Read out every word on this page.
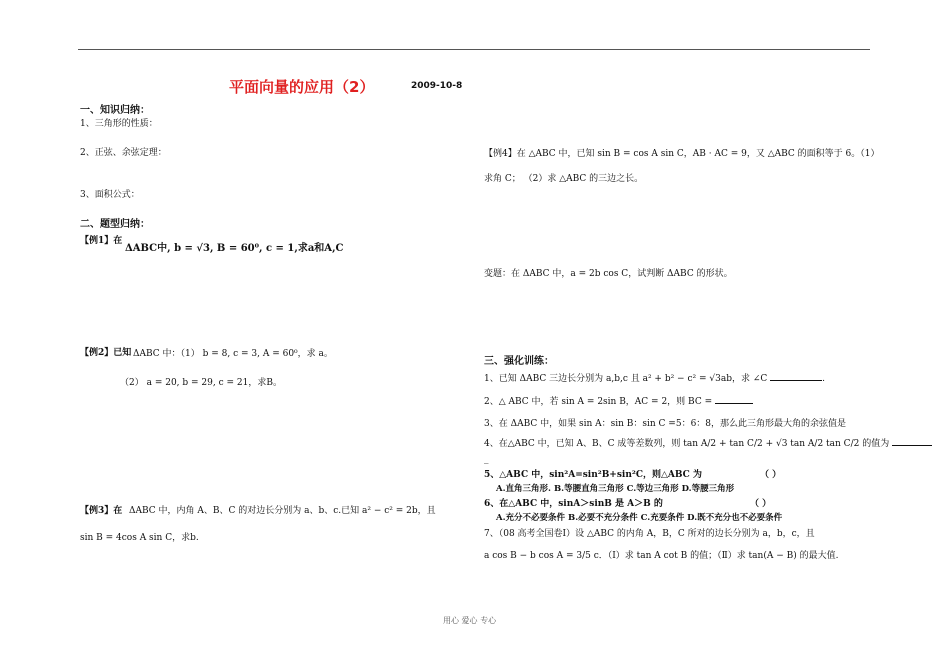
平面向量的应用（2）	2009-10-8
一、知识归纳：
1、三角形的性质：
2、正弦、余弦定理：
3、面积公式：
二、题型归纳：
【例1】在
ΔABC中, b = √3, B = 60⁰, c = 1,求a和A,C
【例2】已知 ΔABC 中：（1） b = 8, c = 3, A = 60⁰，求 a。
（2） a = 20, b = 29, c = 21，求B。
【例3】在 ΔABC 中，内角 A、B、C 的对边长分别为 a、b、c.已知 a² − c² = 2b，且
sin B = 4cos A sin C，求b.
【例4】在 △ABC 中，已知 sin B = cos A sin C，AB · AC = 9，又 △ABC 的面积等于 6。（1）
求角 C； （2）求 △ABC 的三边之长。
变题：在 ΔABC 中，a = 2b cos C，试判断 ΔABC 的形状。
三、强化训练：
1、已知 ΔABC 三边长分别为 a,b,c 且 a² + b² − c² = √3ab，求 ∠C	.
2、△ ABC 中，若 sin A = 2sin B，AC = 2，则 BC =
3、在 ΔABC 中，如果 sin A：sin B：sin C =5：6：8，那么此三角形最大角的余弦值是
4、在△ABC 中，已知 A、B、C 成等差数列，则 tan A/2 + tan C/2 + √3 tan A/2 tan C/2 的值为
_
5、△ABC 中，sin²A=sin²B+sin²C，则△ABC 为	（ ）
A.直角三角形. B.等腰直角三角形 C.等边三角形 D.等腰三角形
6、在△ABC 中，sinA＞sinB 是 A＞B 的	（ ）
A.充分不必要条件 B.必要不充分条件 C.充要条件 D.既不充分也不必要条件
7、（08 高考全国卷Ⅰ）设 △ABC 的内角 A，B，C 所对的边长分别为 a，b，c，且
a cos B − b cos A = 3/5 c．（Ⅰ）求 tan A cot B 的值；（Ⅱ）求 tan(A − B) 的最大值.
用心 爱心 专心
